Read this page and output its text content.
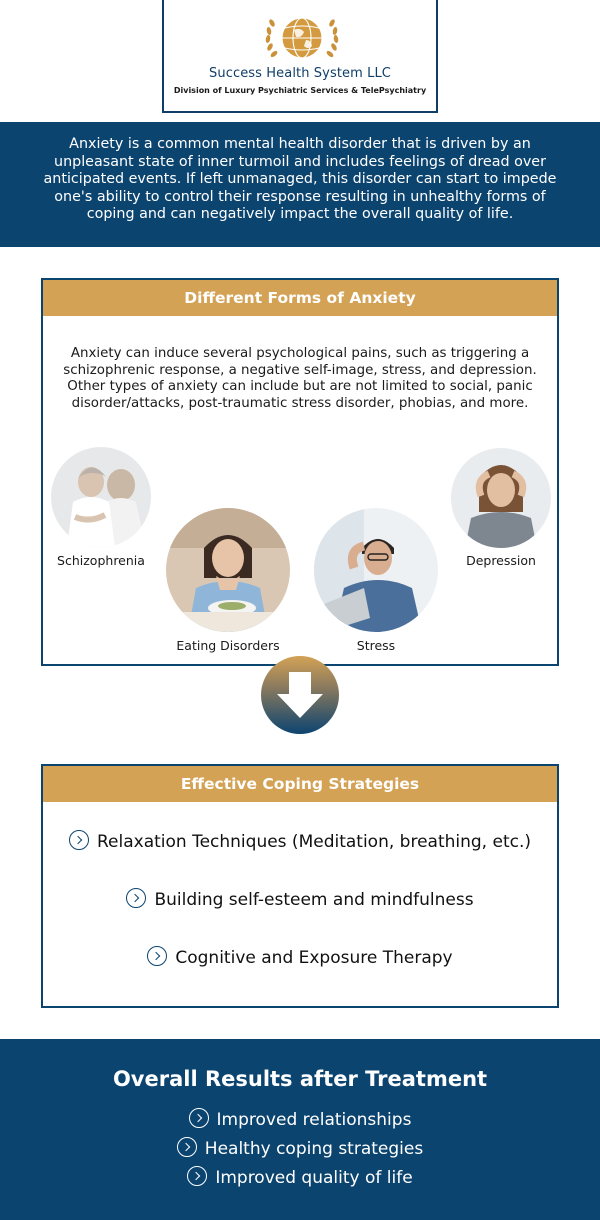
Success Health System LLC
Division of Luxury Psychiatric Services & TelePsychiatry

Anxiety is a common mental health disorder that is driven by an unpleasant state of inner turmoil and includes feelings of dread over anticipated events. If left unmanaged, this disorder can start to impede one's ability to control their response resulting in unhealthy forms of coping and can negatively impact the overall quality of life.

Different Forms of Anxiety

Anxiety can induce several psychological pains, such as triggering a schizophrenic response, a negative self-image, stress, and depression. Other types of anxiety can include but are not limited to social, panic disorder/attacks, post-traumatic stress disorder, phobias, and more.

Schizophrenia
Eating Disorders	Stress
Depression
Effective Coping Strategies
Relaxation Techniques (Meditation, breathing, etc.)
Building self-esteem and mindfulness
Cognitive and Exposure Therapy
Overall Results after Treatment
Improved relationships
Healthy coping strategies
Improved quality of life
